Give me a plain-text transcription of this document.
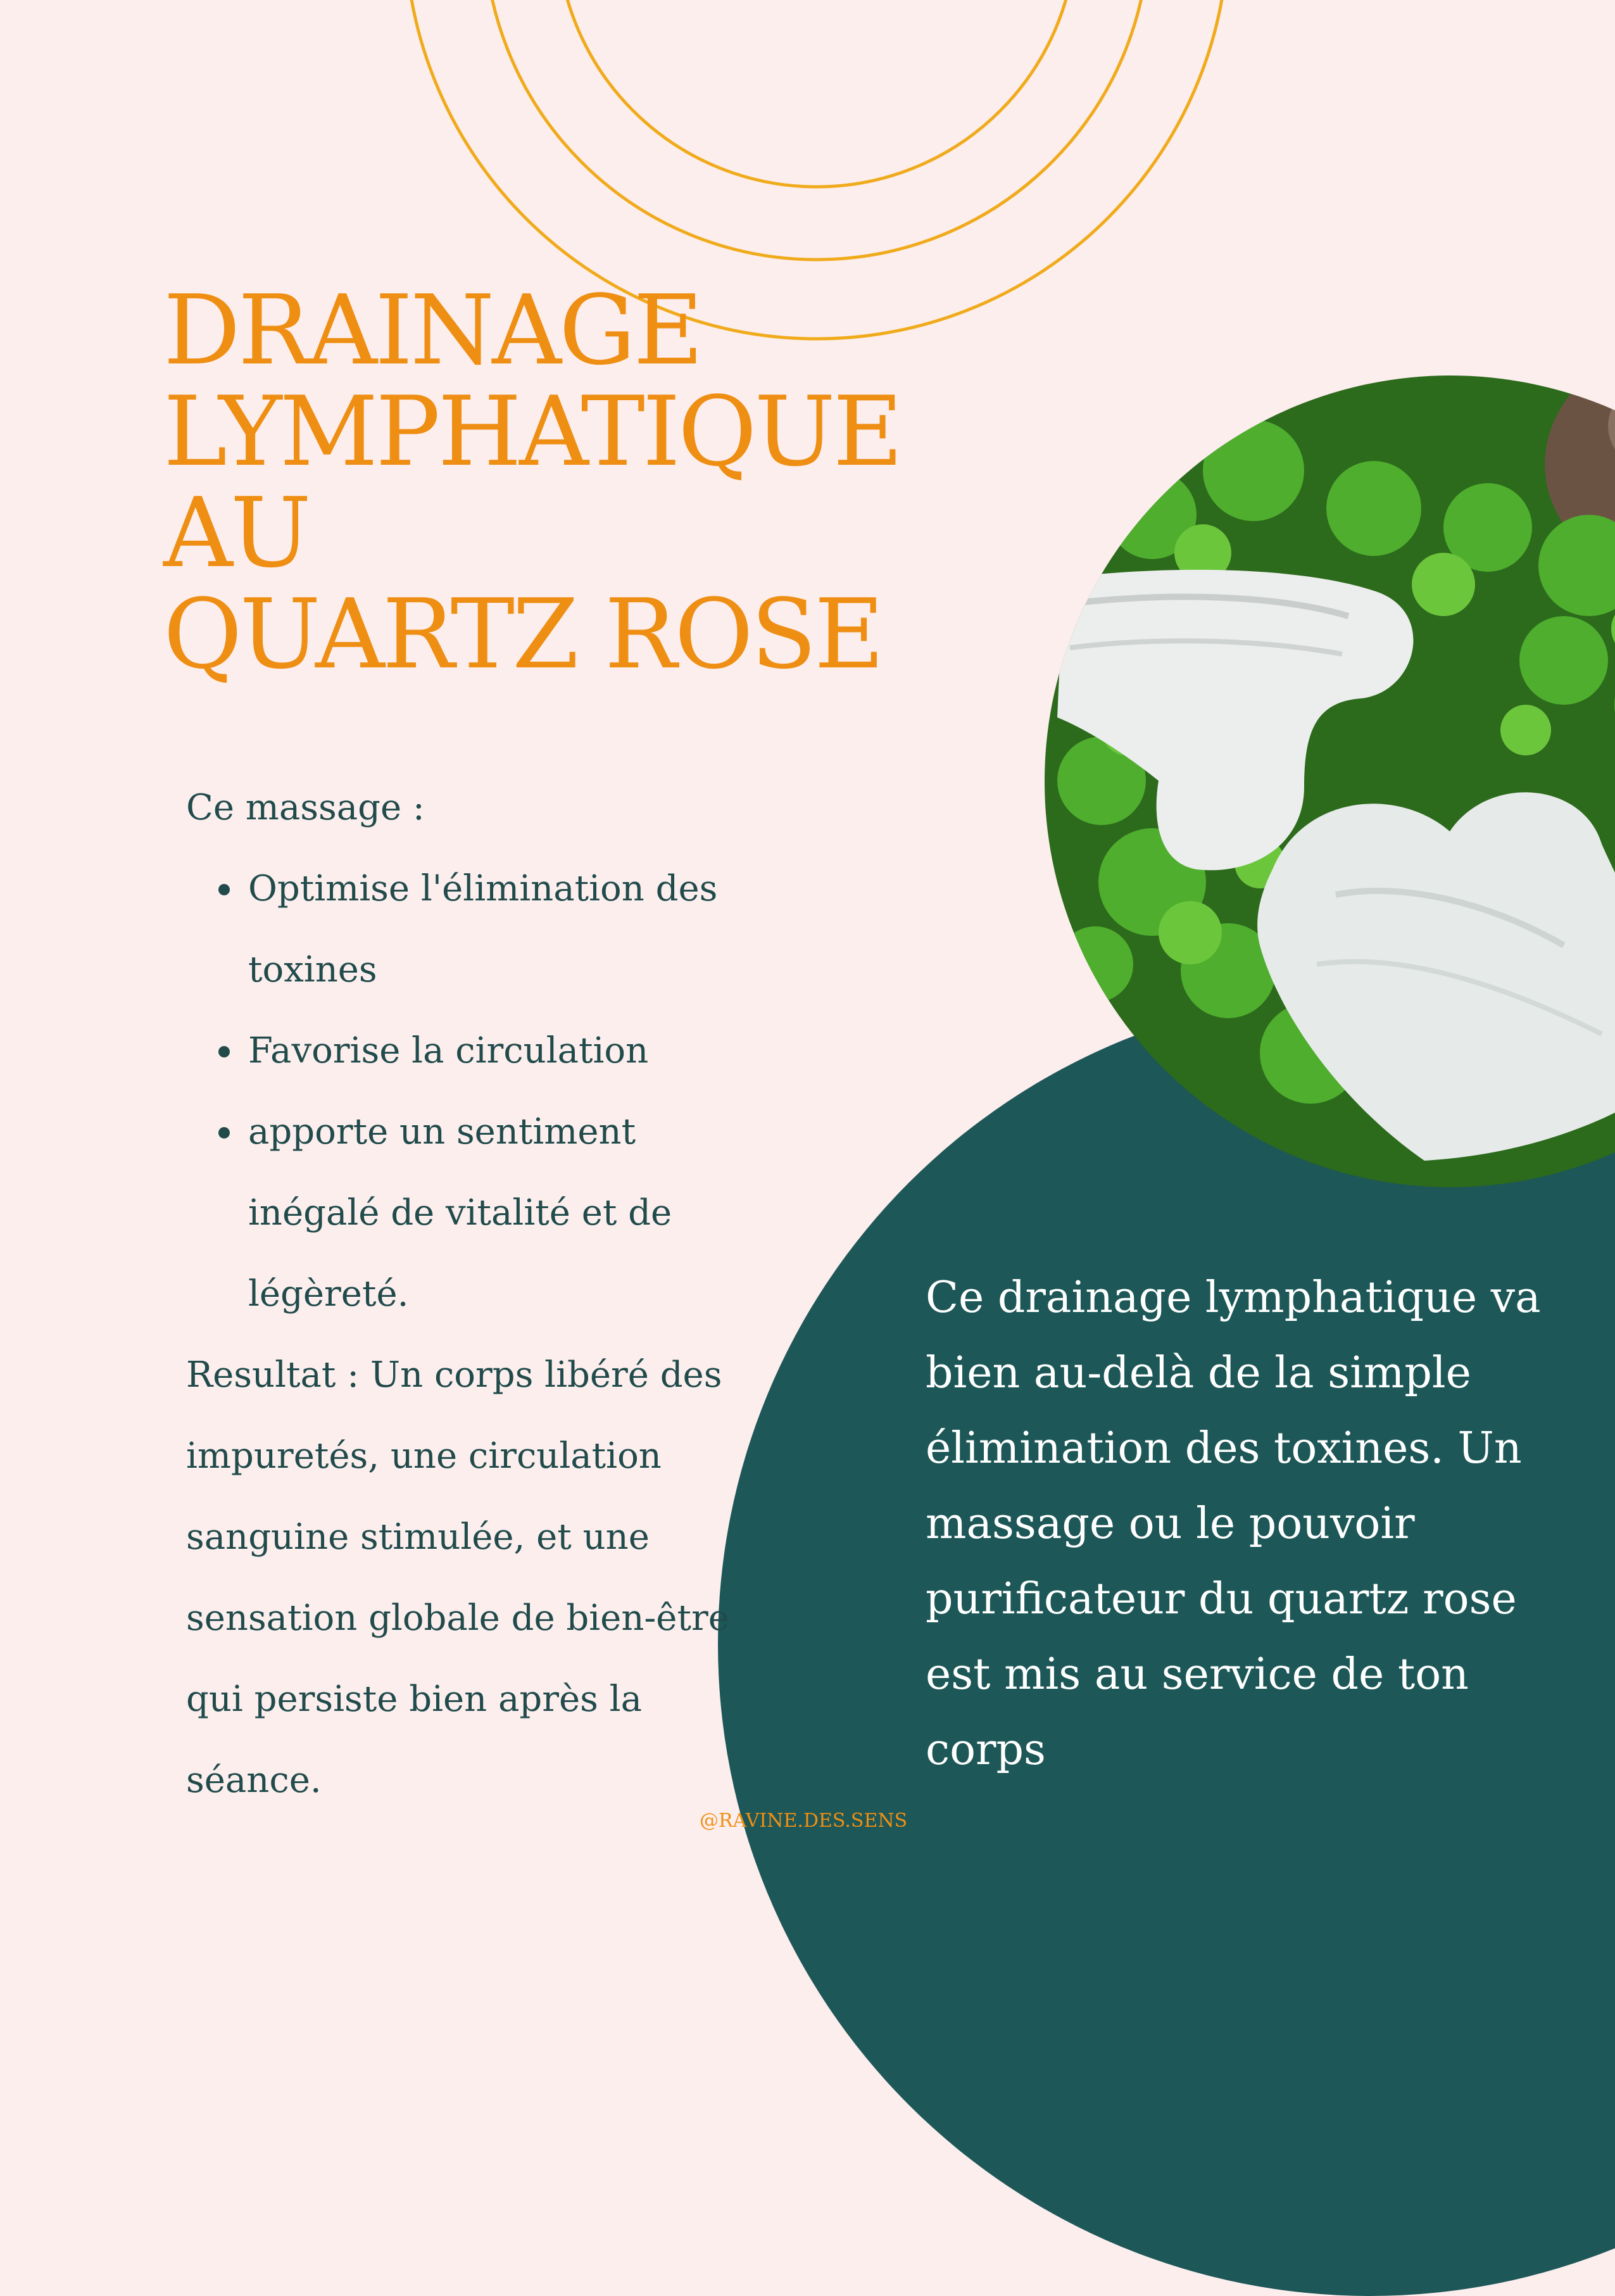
DRAINAGE
LYMPHATIQUE
AU
QUARTZ ROSE

Ce massage :

Optimise l'élimination des toxines
Favorise la circulation
apporte un sentiment inégalé de vitalité et de légèreté.

Resultat : Un corps libéré des impuretés, une circulation sanguine stimulée, et une sensation globale de bien-être qui persiste bien après la séance.

Ce drainage lymphatique va bien au-delà de la simple élimination des toxines. Un massage ou le pouvoir purificateur du quartz rose est mis au service de ton corps

@RAVINE.DES.SENS
